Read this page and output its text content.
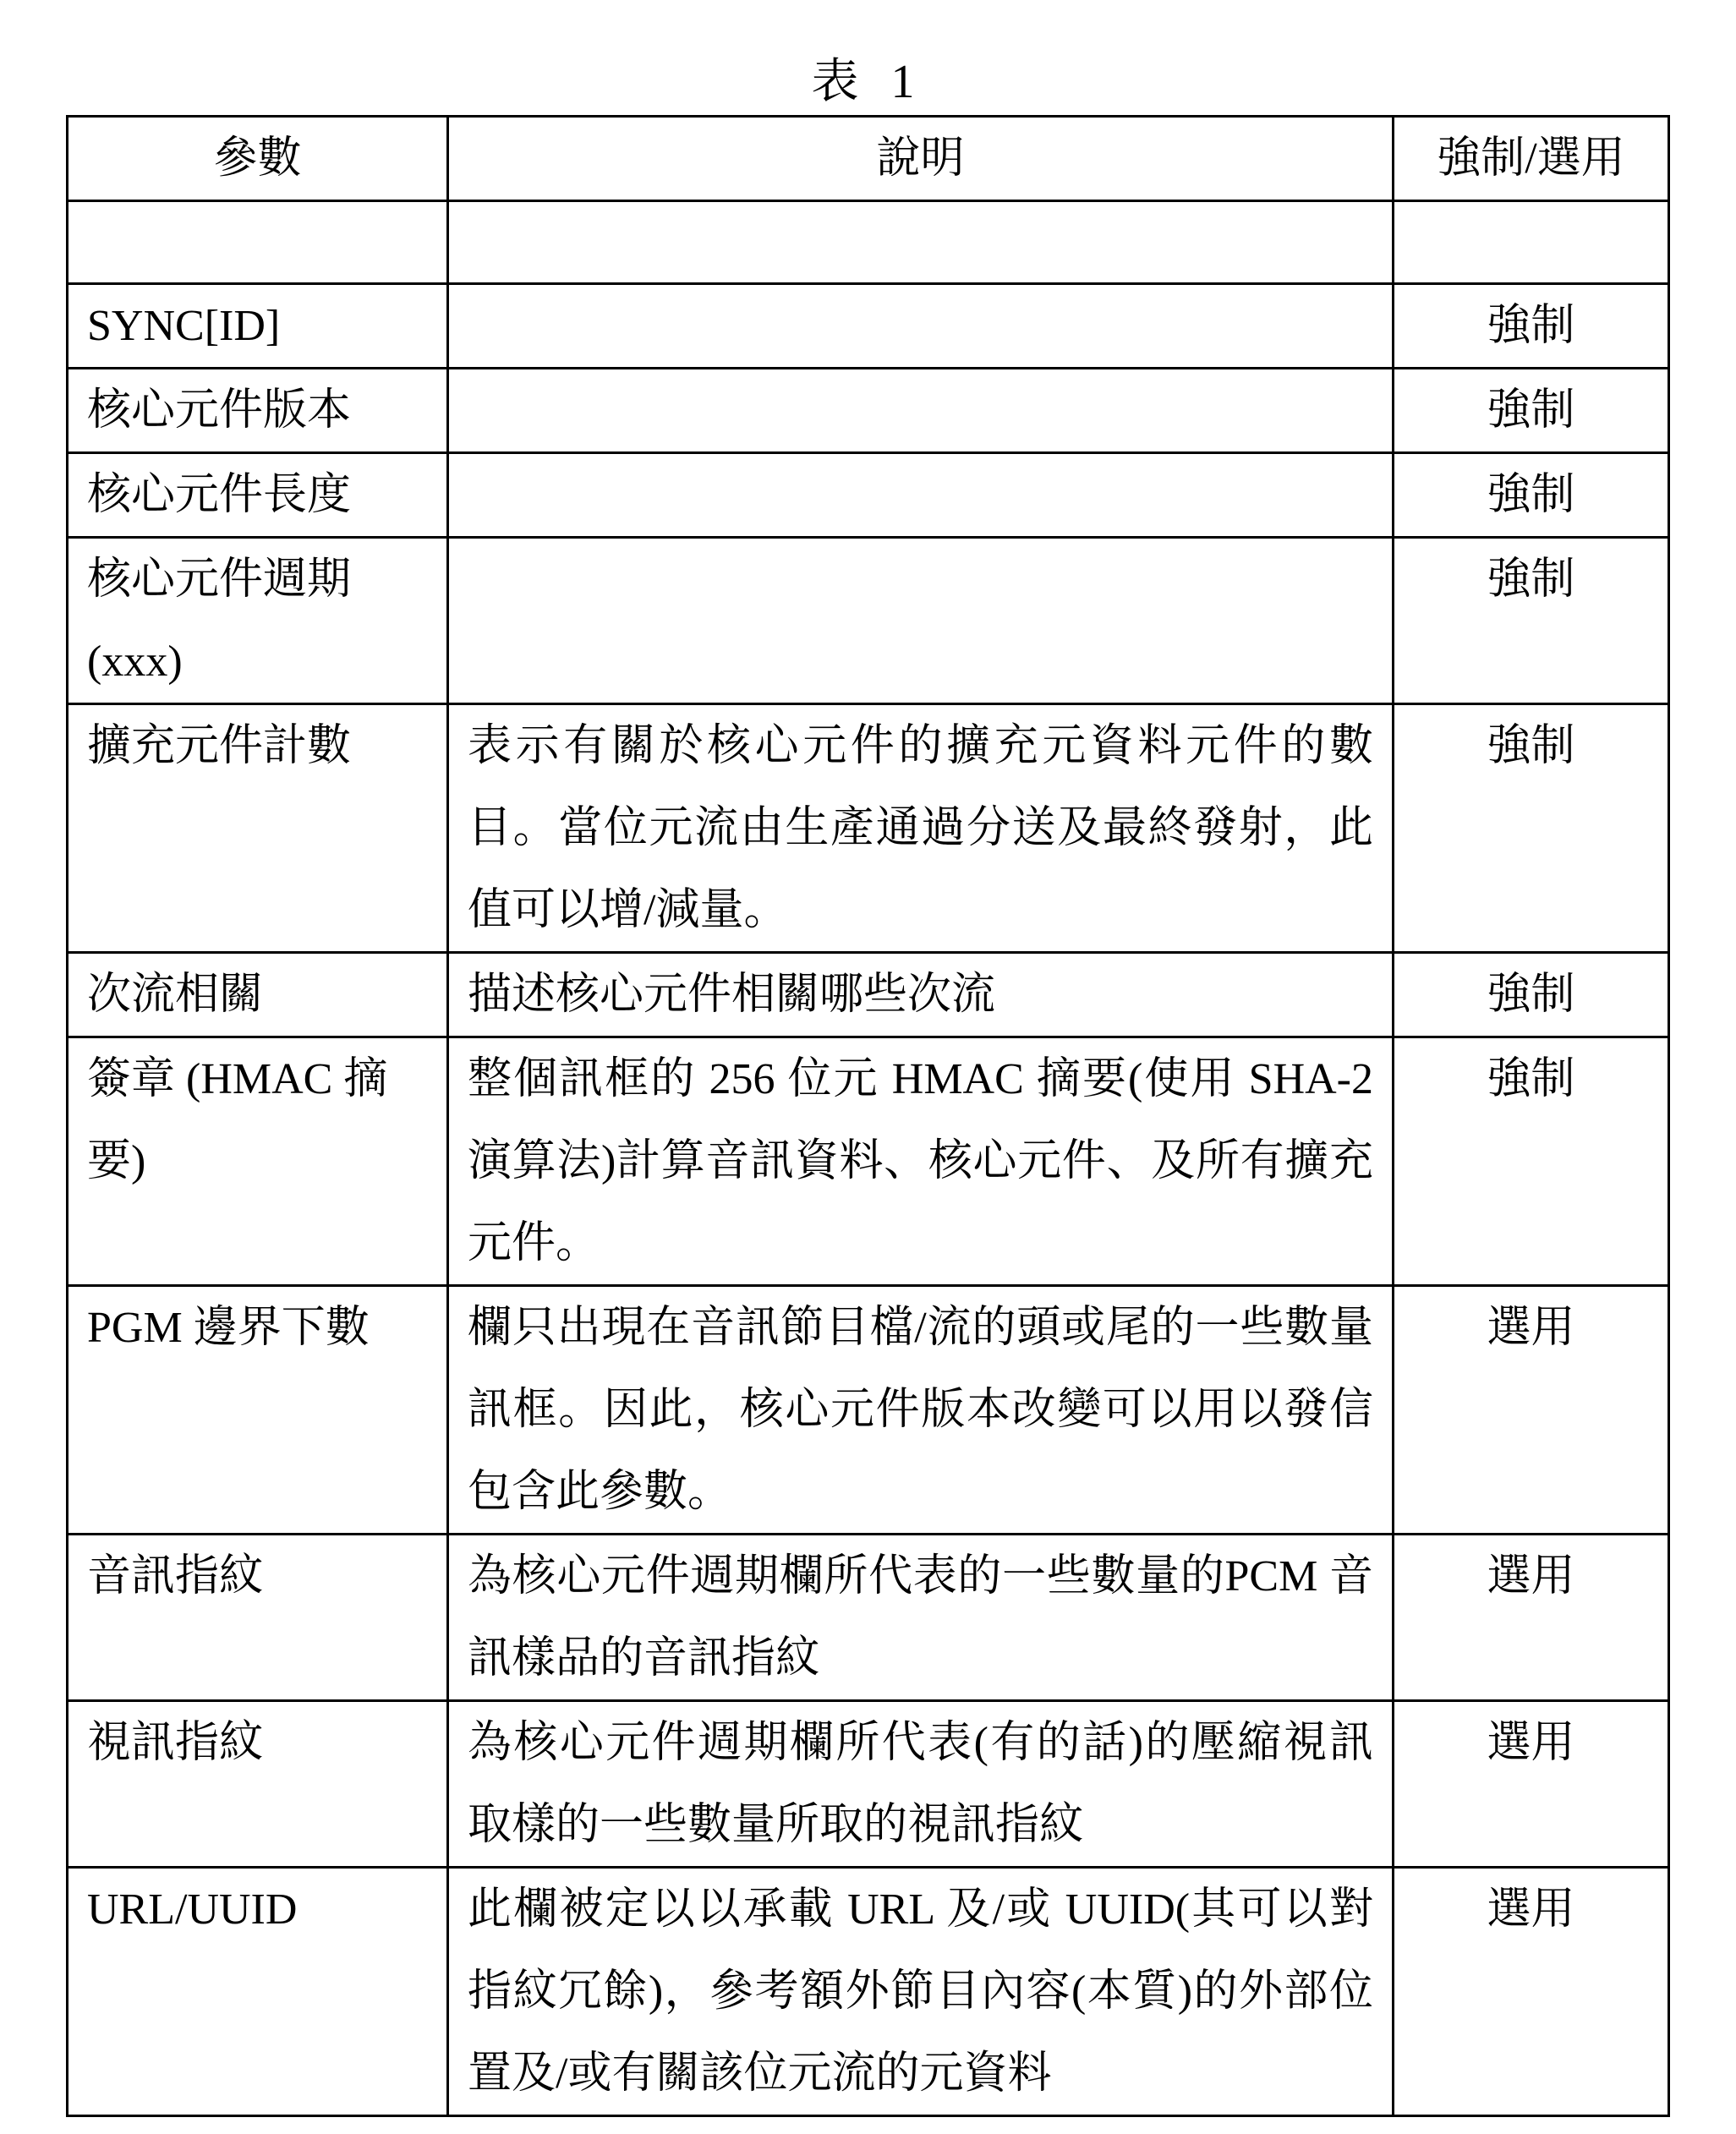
表 1
參數	說明	強制/選用

SYNC[ID]		強制
核心元件版本		強制
核心元件長度		強制
核心元件週期 (xxx)		強制
擴充元件計數	表示有關於核心元件的擴充元資料元件的數目。當位元流由生產通過分送及最終發射，此值可以增/減量。	強制
次流相關	描述核心元件相關哪些次流	強制
簽章 (HMAC 摘要)	整個訊框的 256 位元 HMAC 摘要(使用 SHA-2 演算法)計算音訊資料、核心元件、及所有擴充元件。	強制
PGM 邊界下數	欄只出現在音訊節目檔/流的頭或尾的一些數量訊框。因此，核心元件版本改變可以用以發信包含此參數。	選用
音訊指紋	為核心元件週期欄所代表的一些數量的PCM 音訊樣品的音訊指紋	選用
視訊指紋	為核心元件週期欄所代表(有的話)的壓縮視訊取樣的一些數量所取的視訊指紋	選用
URL/UUID	此欄被定以以承載 URL 及/或 UUID(其可以對指紋冗餘)，參考額外節目內容(本質)的外部位置及/或有關該位元流的元資料	選用
